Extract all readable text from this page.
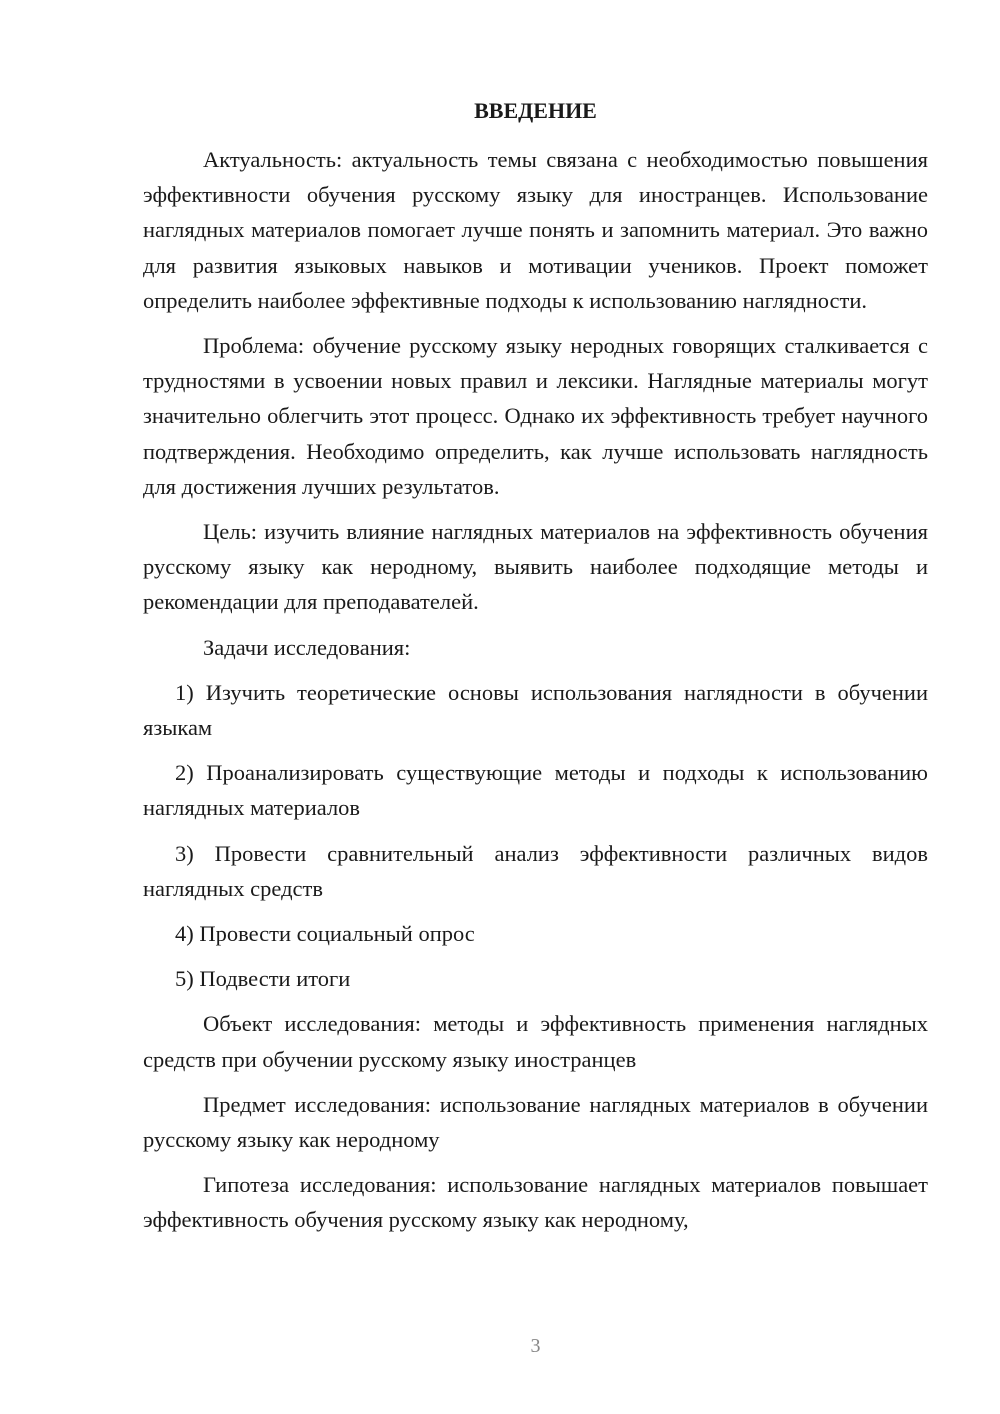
ВВЕДЕНИЕ

Актуальность: актуальность темы связана с необходимостью повышения эффективности обучения русскому языку для иностранцев. Использование наглядных материалов помогает лучше понять и запомнить материал. Это важно для развития языковых навыков и мотивации учеников. Проект поможет определить наиболее эффективные подходы к использованию наглядности.

Проблема: обучение русскому языку неродных говорящих сталкивается с трудностями в усвоении новых правил и лексики. Наглядные материалы могут значительно облегчить этот процесс. Однако их эффективность требует научного подтверждения. Необходимо определить, как лучше использовать наглядность для достижения лучших результатов.

Цель: изучить влияние наглядных материалов на эффективность обучения русскому языку как неродному, выявить наиболее подходящие методы и рекомендации для преподавателей.

Задачи исследования:

1) Изучить теоретические основы использования наглядности в обучении языкам

2) Проанализировать существующие методы и подходы к использованию наглядных материалов

3) Провести сравнительный анализ эффективности различных видов наглядных средств

4) Провести социальный опрос

5) Подвести итоги

Объект исследования: методы и эффективность применения наглядных средств при обучении русскому языку иностранцев

Предмет исследования: использование наглядных материалов в обучении русскому языку как неродному

Гипотеза исследования: использование наглядных материалов повышает эффективность обучения русскому языку как неродному,

3
